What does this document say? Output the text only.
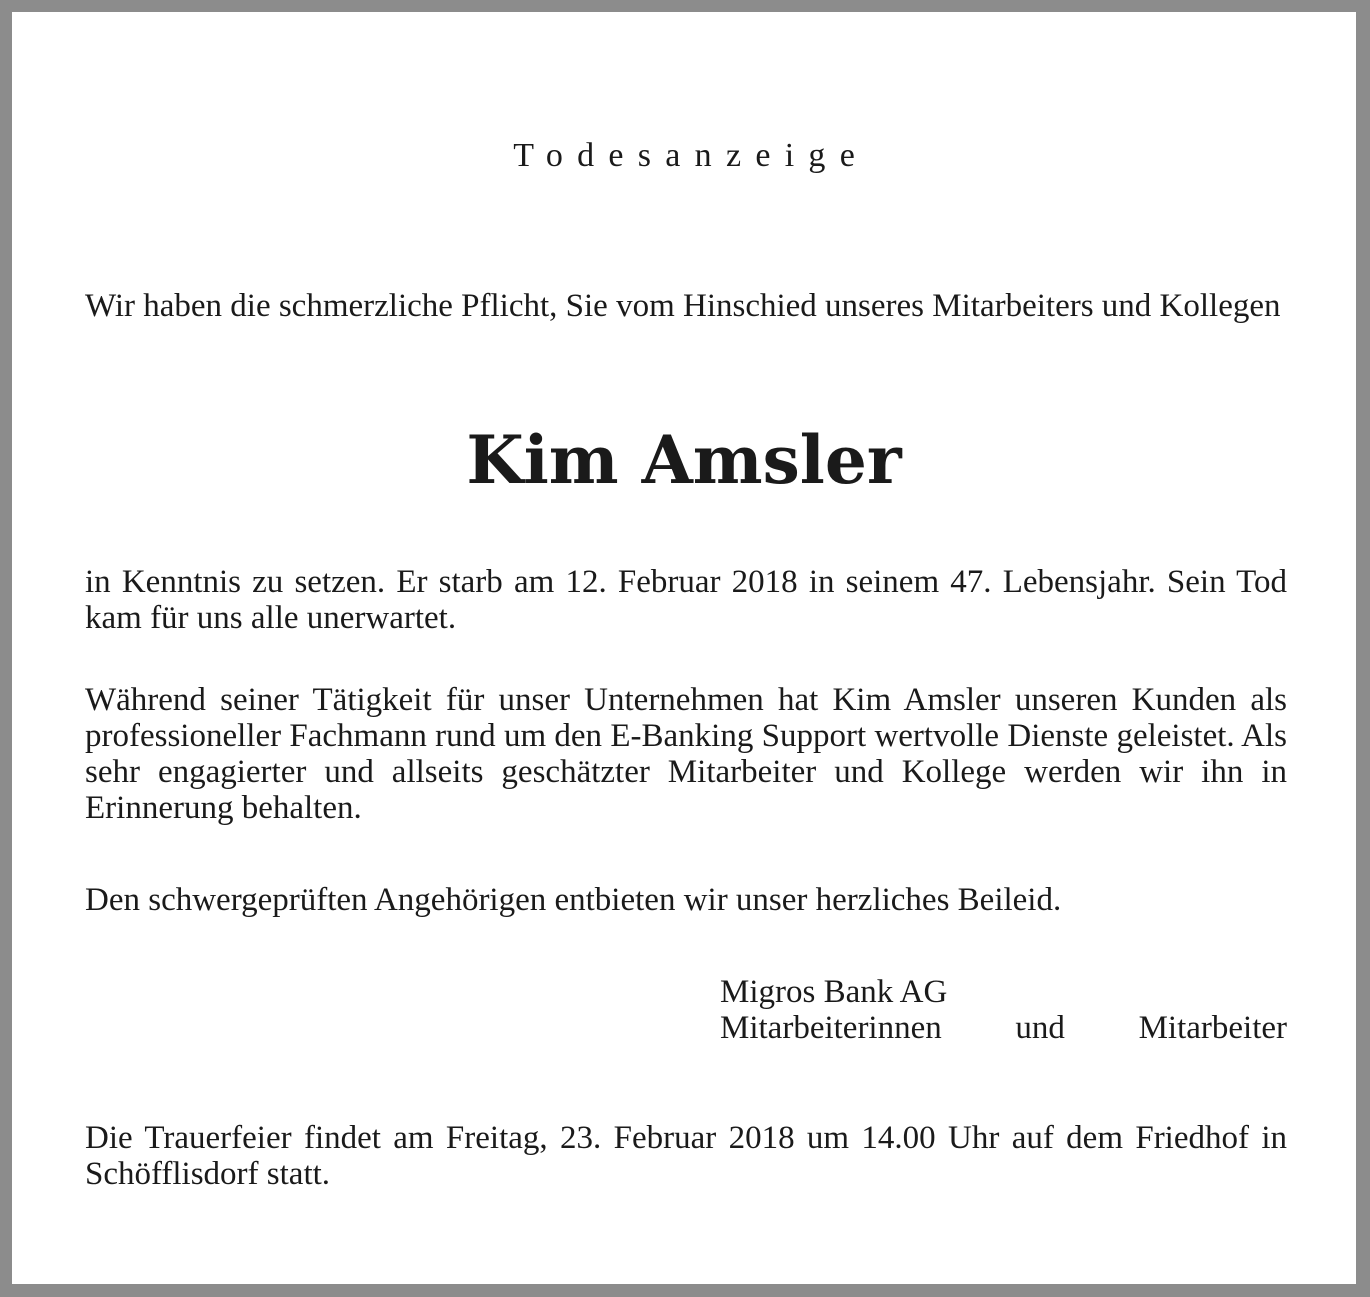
Todesanzeige

Wir haben die schmerzliche Pflicht, Sie vom Hinschied unseres Mitarbeiters und Kollegen

Kim Amsler

in Kenntnis zu setzen. Er starb am 12. Februar 2018 in seinem 47. Lebensjahr. Sein Tod kam für uns alle unerwartet.

Während seiner Tätigkeit für unser Unternehmen hat Kim Amsler unseren Kunden als professioneller Fachmann rund um den E-Banking Support wertvolle Dienste geleistet. Als sehr engagierter und allseits geschätzter Mitarbeiter und Kollege werden wir ihn in Erinnerung behalten.

Den schwergeprüften Angehörigen entbieten wir unser herzliches Beileid.

Migros Bank AG
Mitarbeiterinnen und Mitarbeiter

Die Trauerfeier findet am Freitag, 23. Februar 2018 um 14.00 Uhr auf dem Friedhof in Schöfflisdorf statt.
